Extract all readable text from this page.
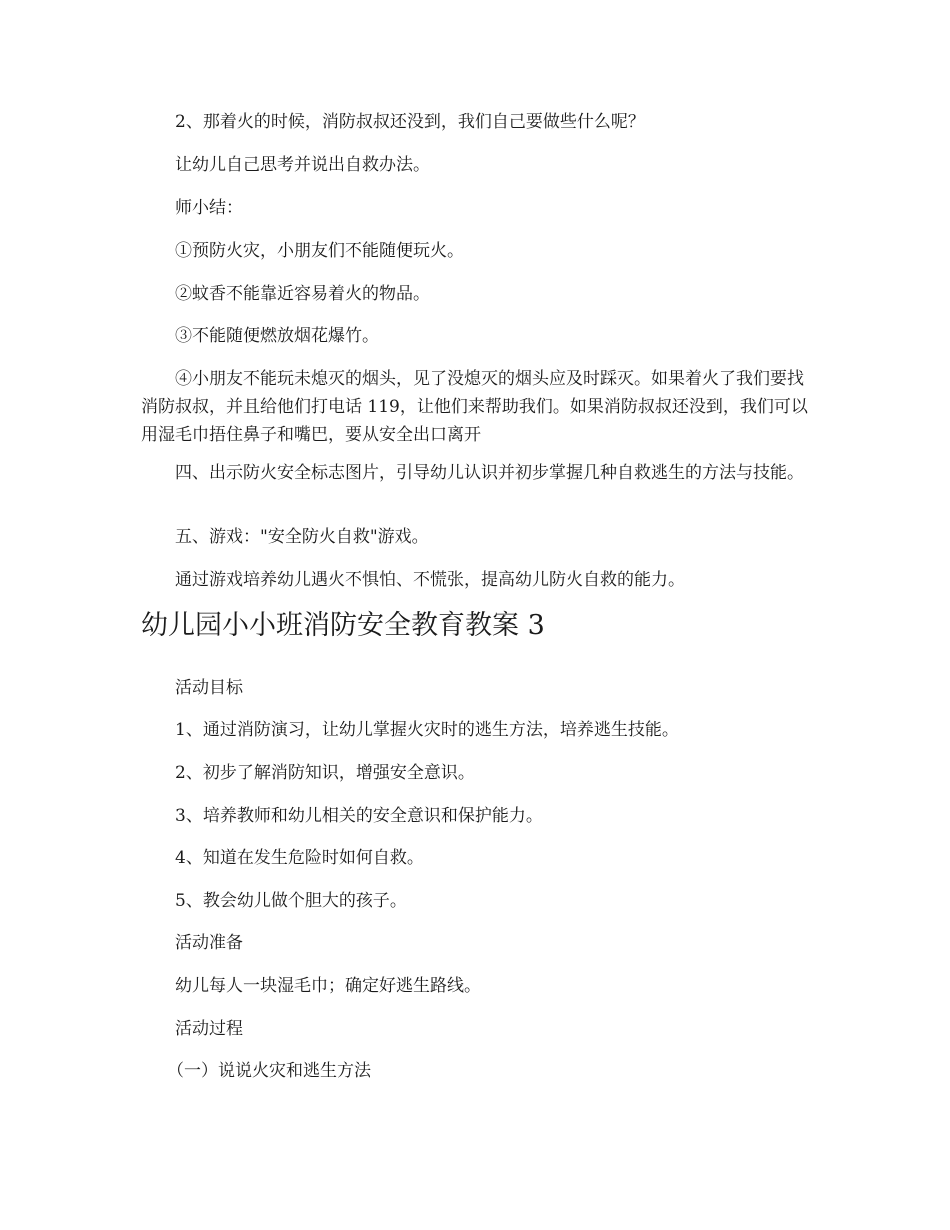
2、那着火的时候，消防叔叔还没到，我们自己要做些什么呢？

让幼儿自己思考并说出自救办法。

师小结：

①预防火灾，小朋友们不能随便玩火。

②蚊香不能靠近容易着火的物品。

③不能随便燃放烟花爆竹。

④小朋友不能玩未熄灭的烟头，见了没熄灭的烟头应及时踩灭。如果着火了我们要找消防叔叔，并且给他们打电话 119，让他们来帮助我们。如果消防叔叔还没到，我们可以用湿毛巾捂住鼻子和嘴巴，要从安全出口离开

四、出示防火安全标志图片，引导幼儿认识并初步掌握几种自救逃生的方法与技能。

五、游戏："安全防火自救"游戏。

通过游戏培养幼儿遇火不惧怕、不慌张，提高幼儿防火自救的能力。

幼儿园小小班消防安全教育教案 3

活动目标

1、通过消防演习，让幼儿掌握火灾时的逃生方法，培养逃生技能。

2、初步了解消防知识，增强安全意识。

3、培养教师和幼儿相关的安全意识和保护能力。

4、知道在发生危险时如何自救。

5、教会幼儿做个胆大的孩子。

活动准备

幼儿每人一块湿毛巾；确定好逃生路线。

活动过程

（一）说说火灾和逃生方法
